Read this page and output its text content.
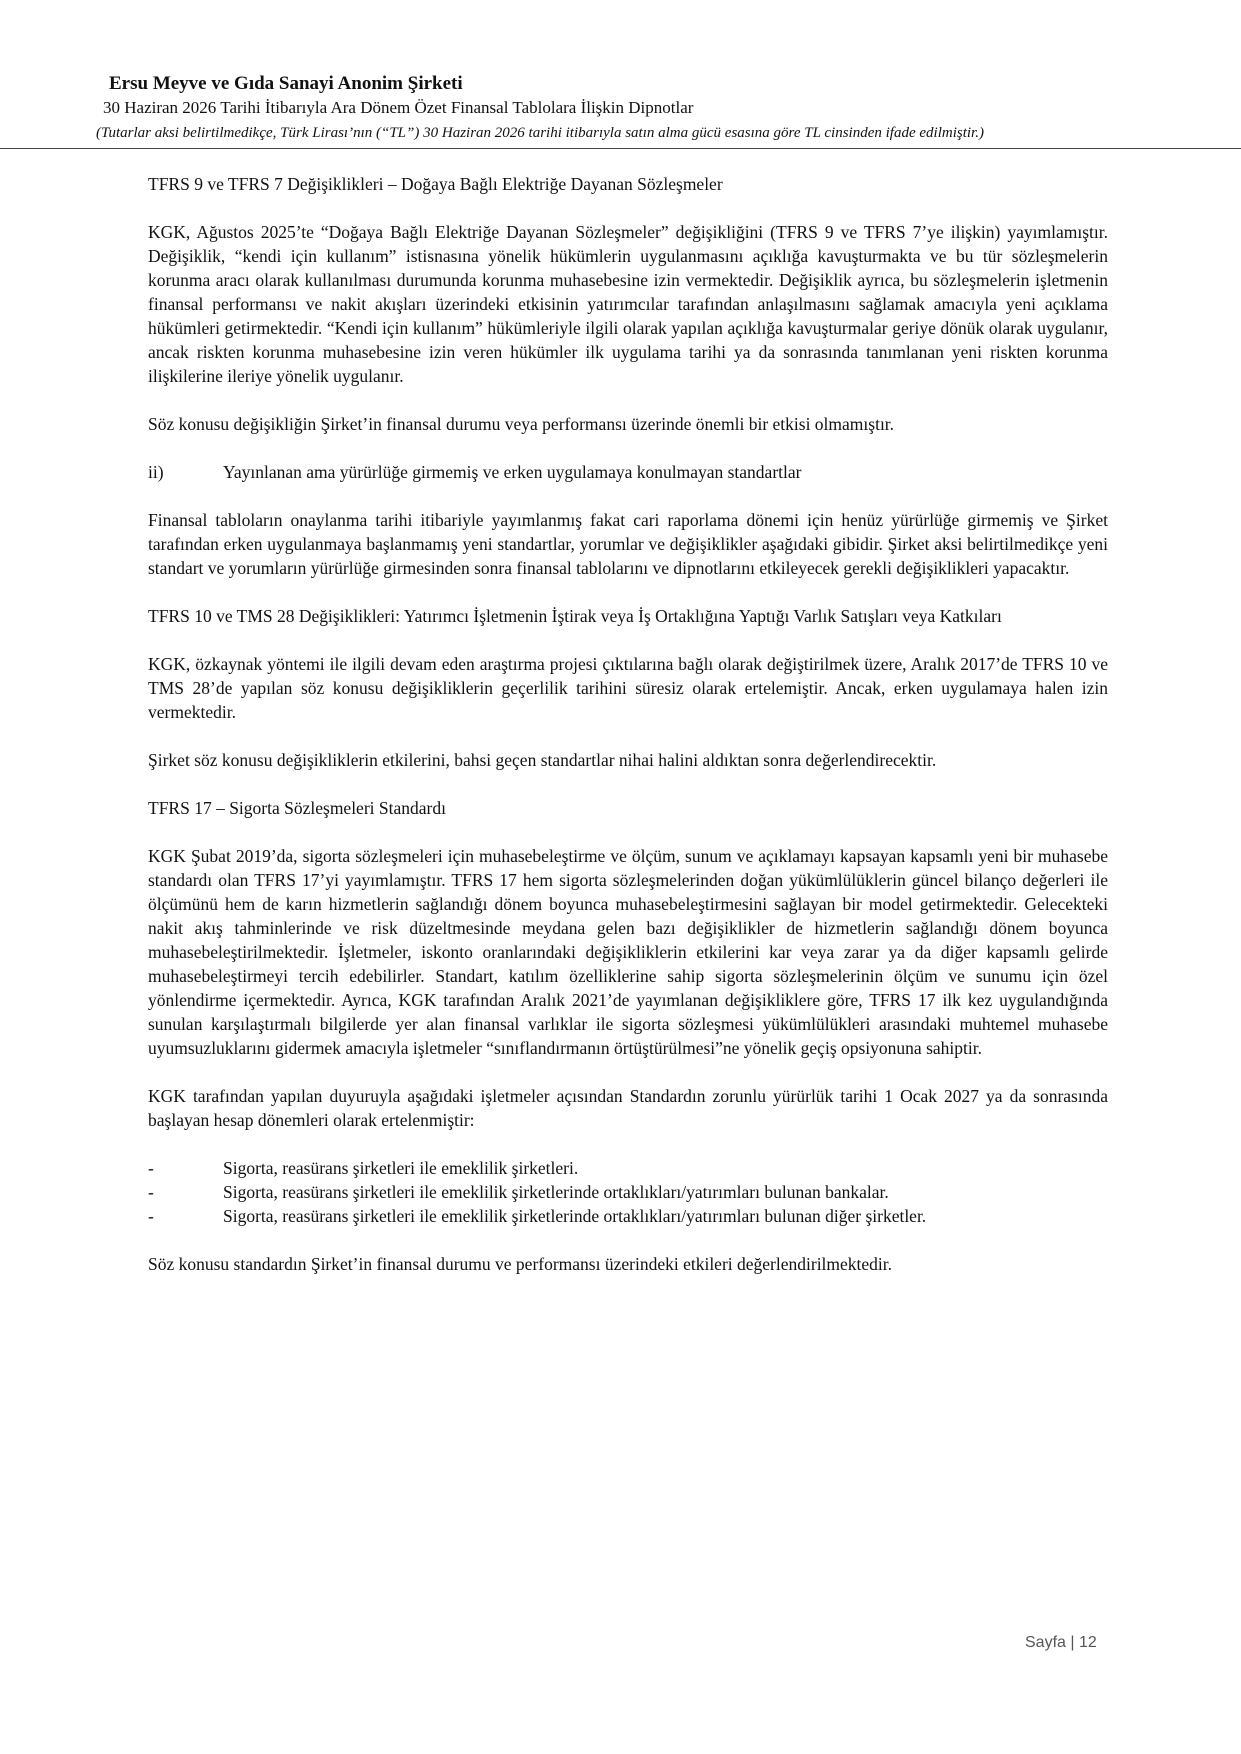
Ersu Meyve ve Gıda Sanayi Anonim Şirketi
30 Haziran 2026 Tarihi İtibarıyla Ara Dönem Özet Finansal Tablolara İlişkin Dipnotlar
(Tutarlar aksi belirtilmedikçe, Türk Lirası’nın (“TL”) 30 Haziran 2026 tarihi itibarıyla satın alma gücü esasına göre TL cinsinden ifade edilmiştir.)

TFRS 9 ve TFRS 7 Değişiklikleri – Doğaya Bağlı Elektriğe Dayanan Sözleşmeler

KGK, Ağustos 2025’te “Doğaya Bağlı Elektriğe Dayanan Sözleşmeler” değişikliğini (TFRS 9 ve TFRS 7’ye ilişkin) yayımlamıştır. Değişiklik, “kendi için kullanım” istisnasına yönelik hükümlerin uygulanmasını açıklığa kavuşturmakta ve bu tür sözleşmelerin korunma aracı olarak kullanılması durumunda korunma muhasebesine izin vermektedir. Değişiklik ayrıca, bu sözleşmelerin işletmenin finansal performansı ve nakit akışları üzerindeki etkisinin yatırımcılar tarafından anlaşılmasını sağlamak amacıyla yeni açıklama hükümleri getirmektedir. “Kendi için kullanım” hükümleriyle ilgili olarak yapılan açıklığa kavuşturmalar geriye dönük olarak uygulanır, ancak riskten korunma muhasebesine izin veren hükümler ilk uygulama tarihi ya da sonrasında tanımlanan yeni riskten korunma ilişkilerine ileriye yönelik uygulanır.

Söz konusu değişikliğin Şirket’in finansal durumu veya performansı üzerinde önemli bir etkisi olmamıştır.

ii)	Yayınlanan ama yürürlüğe girmemiş ve erken uygulamaya konulmayan standartlar

Finansal tabloların onaylanma tarihi itibariyle yayımlanmış fakat cari raporlama dönemi için henüz yürürlüğe girmemiş ve Şirket tarafından erken uygulanmaya başlanmamış yeni standartlar, yorumlar ve değişiklikler aşağıdaki gibidir. Şirket aksi belirtilmedikçe yeni standart ve yorumların yürürlüğe girmesinden sonra finansal tablolarını ve dipnotlarını etkileyecek gerekli değişiklikleri yapacaktır.

TFRS 10 ve TMS 28 Değişiklikleri: Yatırımcı İşletmenin İştirak veya İş Ortaklığına Yaptığı Varlık Satışları veya Katkıları

KGK, özkaynak yöntemi ile ilgili devam eden araştırma projesi çıktılarına bağlı olarak değiştirilmek üzere, Aralık 2017’de TFRS 10 ve TMS 28’de yapılan söz konusu değişikliklerin geçerlilik tarihini süresiz olarak ertelemiştir. Ancak, erken uygulamaya halen izin vermektedir.

Şirket söz konusu değişikliklerin etkilerini, bahsi geçen standartlar nihai halini aldıktan sonra değerlendirecektir.

TFRS 17 – Sigorta Sözleşmeleri Standardı

KGK Şubat 2019’da, sigorta sözleşmeleri için muhasebeleştirme ve ölçüm, sunum ve açıklamayı kapsayan kapsamlı yeni bir muhasebe standardı olan TFRS 17’yi yayımlamıştır. TFRS 17 hem sigorta sözleşmelerinden doğan yükümlülüklerin güncel bilanço değerleri ile ölçümünü hem de karın hizmetlerin sağlandığı dönem boyunca muhasebeleştirmesini sağlayan bir model getirmektedir. Gelecekteki nakit akış tahminlerinde ve risk düzeltmesinde meydana gelen bazı değişiklikler de hizmetlerin sağlandığı dönem boyunca muhasebeleştirilmektedir. İşletmeler, iskonto oranlarındaki değişikliklerin etkilerini kar veya zarar ya da diğer kapsamlı gelirde muhasebeleştirmeyi tercih edebilirler. Standart, katılım özelliklerine sahip sigorta sözleşmelerinin ölçüm ve sunumu için özel yönlendirme içermektedir. Ayrıca, KGK tarafından Aralık 2021’de yayımlanan değişikliklere göre, TFRS 17 ilk kez uygulandığında sunulan karşılaştırmalı bilgilerde yer alan finansal varlıklar ile sigorta sözleşmesi yükümlülükleri arasındaki muhtemel muhasebe uyumsuzluklarını gidermek amacıyla işletmeler “sınıflandırmanın örtüştürülmesi”ne yönelik geçiş opsiyonuna sahiptir.

KGK tarafından yapılan duyuruyla aşağıdaki işletmeler açısından Standardın zorunlu yürürlük tarihi 1 Ocak 2027 ya da sonrasında başlayan hesap dönemleri olarak ertelenmiştir:

-	Sigorta, reasürans şirketleri ile emeklilik şirketleri.
-	Sigorta, reasürans şirketleri ile emeklilik şirketlerinde ortaklıkları/yatırımları bulunan bankalar.
-	Sigorta, reasürans şirketleri ile emeklilik şirketlerinde ortaklıkları/yatırımları bulunan diğer şirketler.

Söz konusu standardın Şirket’in finansal durumu ve performansı üzerindeki etkileri değerlendirilmektedir.

Sayfa | 12
